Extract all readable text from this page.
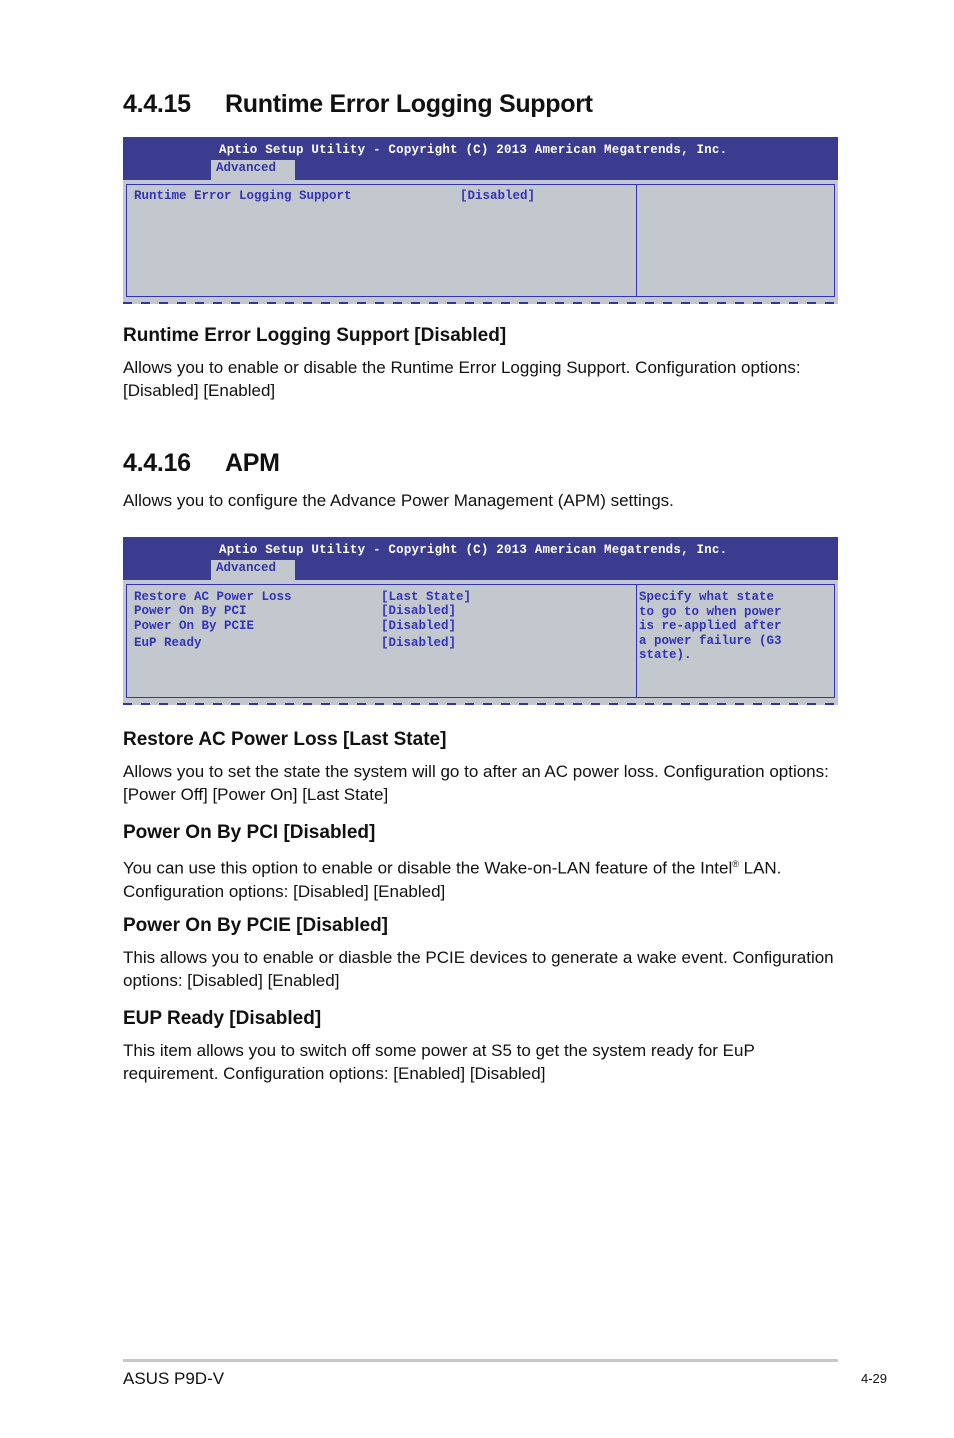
4.4.15 Runtime Error Logging Support
Aptio Setup Utility - Copyright (C) 2013 American Megatrends, Inc.
Advanced
Runtime Error Logging Support	[Disabled]
Runtime Error Logging Support [Disabled]
Allows you to enable or disable the Runtime Error Logging Support. Configuration options: [Disabled] [Enabled]
4.4.16 APM
Allows you to configure the Advance Power Management (APM) settings.
Aptio Setup Utility - Copyright (C) 2013 American Megatrends, Inc.
Advanced
Restore AC Power Loss	[Last State]
Power On By PCI	[Disabled]
Power On By PCIE	[Disabled]
EuP Ready	[Disabled]
Specify what state
to go to when power
is re-applied after
a power failure (G3
state).
Restore AC Power Loss [Last State]
Allows you to set the state the system will go to after an AC power loss. Configuration options: [Power Off] [Power On] [Last State]
Power On By PCI [Disabled]
You can use this option to enable or disable the Wake-on-LAN feature of the Intel® LAN. Configuration options: [Disabled] [Enabled]
Power On By PCIE [Disabled]
This allows you to enable or diasble the PCIE devices to generate a wake event. Configuration options: [Disabled] [Enabled]
EUP Ready [Disabled]
This item allows you to switch off some power at S5 to get the system ready for EuP requirement. Configuration options: [Enabled] [Disabled]
ASUS P9D-V	4-29
